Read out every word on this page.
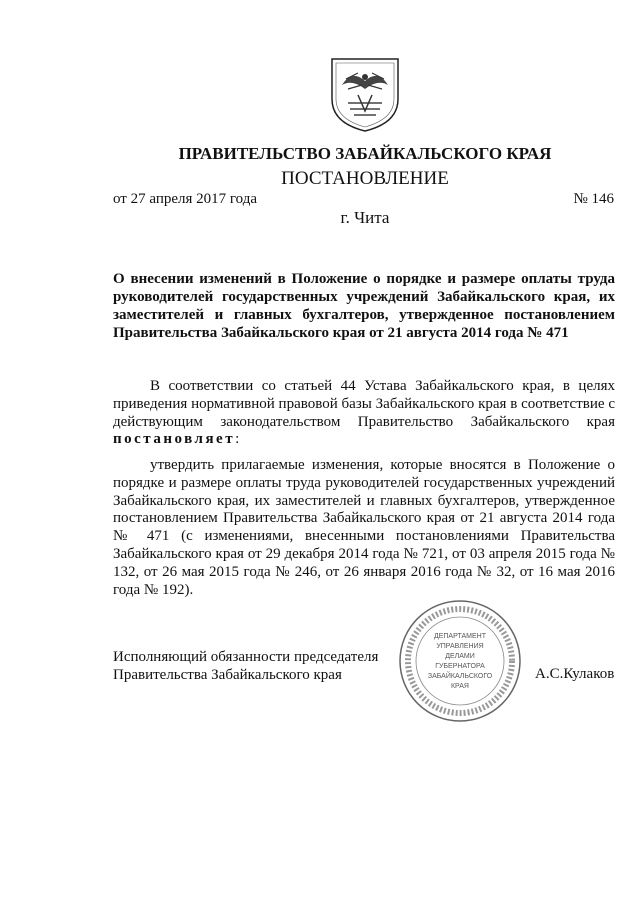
ПРАВИТЕЛЬСТВО ЗАБАЙКАЛЬСКОГО КРАЯ
ПОСТАНОВЛЕНИЕ
от 27 апреля 2017 года	№ 146
г. Чита
О внесении изменений в Положение о порядке и размере оплаты труда руководителей государственных учреждений Забайкальского края, их заместителей и главных бухгалтеров, утвержденное постановлением Правительства Забайкальского края от 21 августа 2014 года № 471

В соответствии со статьей 44 Устава Забайкальского края, в целях приведения нормативной правовой базы Забайкальского края в соответствие с действующим законодательством Правительство Забайкальского края постановляет:

утвердить прилагаемые изменения, которые вносятся в Положение о порядке и размере оплаты труда руководителей государственных учреждений Забайкальского края, их заместителей и главных бухгалтеров, утвержденное постановлением Правительства Забайкальского края от 21 августа 2014 года № 471 (с изменениями, внесенными постановлениями Правительства Забайкальского края от 29 декабря 2014 года № 721, от 03 апреля 2015 года № 132, от 26 мая 2015 года № 246, от 26 января 2016 года № 32, от 16 мая 2016 года № 192).

Исполняющий обязанности председателя
Правительства Забайкальского края
ДЕПАРТАМЕНТ
УПРАВЛЕНИЯ
ДЕЛАМИ
ГУБЕРНАТОРА
ЗАБАЙКАЛЬСКОГО
КРАЯ
А.С.Кулаков
